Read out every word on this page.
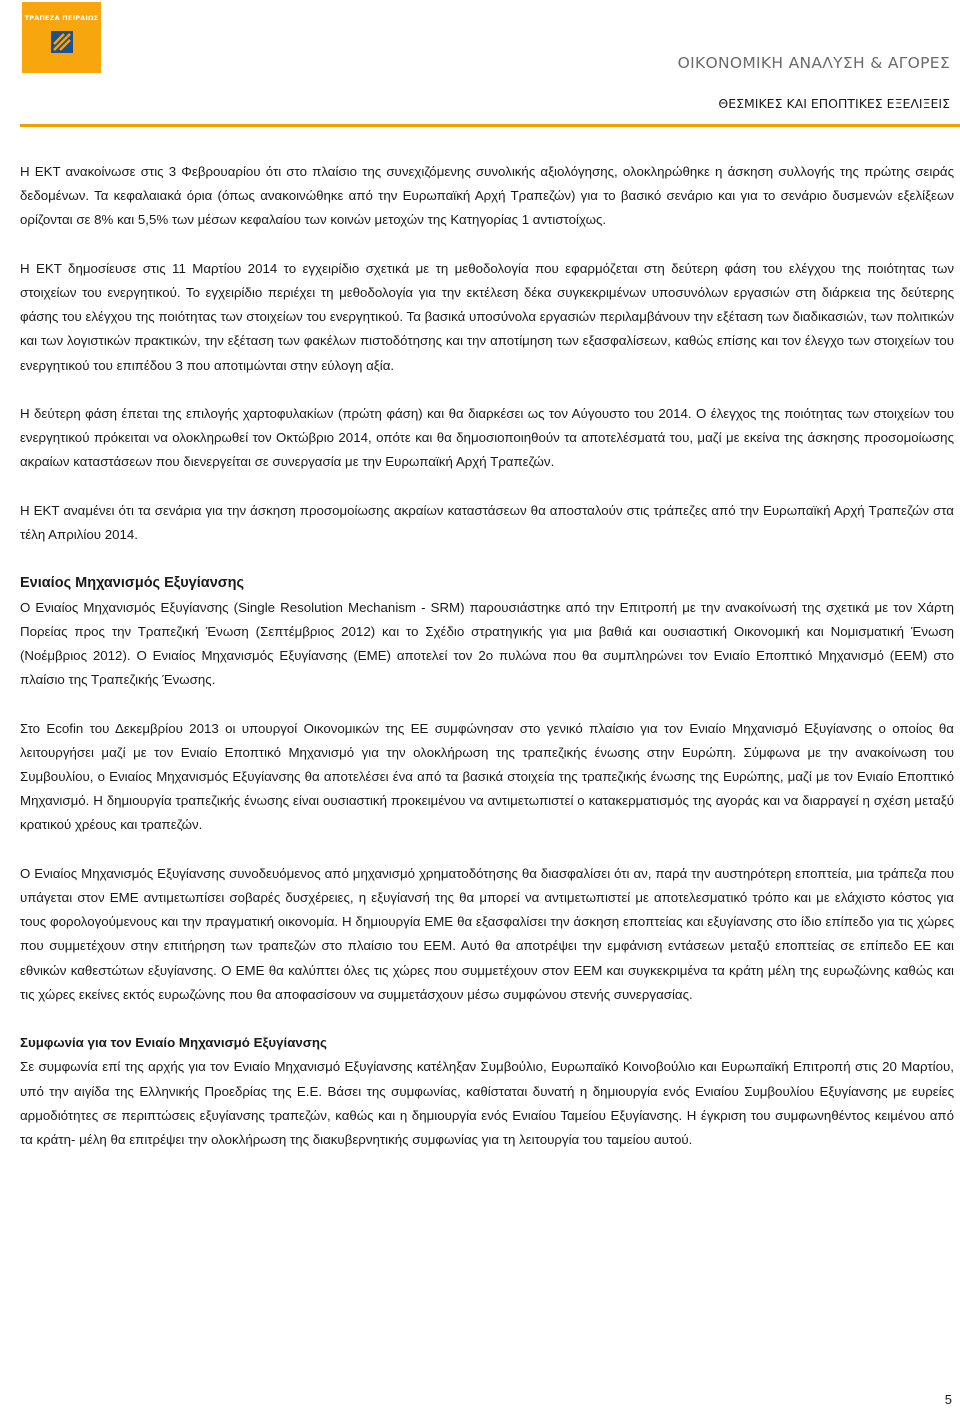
ΤΡΑΠΕΖΑ ΠΕΙΡΑΙΩΣ
ΟΙΚΟΝΟΜΙΚΗ ΑΝΑΛΥΣΗ & ΑΓΟΡΕΣ
ΘΕΣΜΙΚΕΣ ΚΑΙ ΕΠΟΠΤΙΚΕΣ ΕΞΕΛΙΞΕΙΣ

Η ΕΚΤ ανακοίνωσε στις 3 Φεβρουαρίου ότι στο πλαίσιο της συνεχιζόμενης συνολικής αξιολόγησης, ολοκληρώθηκε η άσκηση συλλογής της πρώτης σειράς δεδομένων. Τα κεφαλαιακά όρια (όπως ανακοινώθηκε από την Ευρωπαϊκή Αρχή Τραπεζών) για το βασικό σενάριο και για το σενάριο δυσμενών εξελίξεων ορίζονται σε 8% και 5,5% των μέσων κεφαλαίου των κοινών μετοχών της Κατηγορίας 1 αντιστοίχως.

Η ΕΚΤ δημοσίευσε στις 11 Μαρτίου 2014 το εγχειρίδιο σχετικά με τη μεθοδολογία που εφαρμόζεται στη δεύτερη φάση του ελέγχου της ποιότητας των στοιχείων του ενεργητικού. Το εγχειρίδιο περιέχει τη μεθοδολογία για την εκτέλεση δέκα συγκεκριμένων υποσυνόλων εργασιών στη διάρκεια της δεύτερης φάσης του ελέγχου της ποιότητας των στοιχείων του ενεργητικού. Τα βασικά υποσύνολα εργασιών περιλαμβάνουν την εξέταση των διαδικασιών, των πολιτικών και των λογιστικών πρακτικών, την εξέταση των φακέλων πιστοδότησης και την αποτίμηση των εξασφαλίσεων, καθώς επίσης και τον έλεγχο των στοιχείων του ενεργητικού του επιπέδου 3 που αποτιμώνται στην εύλογη αξία.

Η δεύτερη φάση έπεται της επιλογής χαρτοφυλακίων (πρώτη φάση) και θα διαρκέσει ως τον Αύγουστο του 2014. Ο έλεγχος της ποιότητας των στοιχείων του ενεργητικού πρόκειται να ολοκληρωθεί τον Οκτώβριο 2014, οπότε και θα δημοσιοποιηθούν τα αποτελέσματά του, μαζί με εκείνα της άσκησης προσομοίωσης ακραίων καταστάσεων που διενεργείται σε συνεργασία με την Ευρωπαϊκή Αρχή Τραπεζών.

Η ΕΚΤ αναμένει ότι τα σενάρια για την άσκηση προσομοίωσης ακραίων καταστάσεων θα αποσταλούν στις τράπεζες από την Ευρωπαϊκή Αρχή Τραπεζών στα τέλη Απριλίου 2014.

Ενιαίος Μηχανισμός Εξυγίανσης

Ο Ενιαίος Μηχανισμός Εξυγίανσης (Single Resolution Mechanism - SRM) παρουσιάστηκε από την Επιτροπή με την ανακοίνωσή της σχετικά με τον Χάρτη Πορείας προς την Τραπεζική Ένωση (Σεπτέμβριος 2012) και το Σχέδιο στρατηγικής για μια βαθιά και ουσιαστική Οικονομική και Νομισματική Ένωση (Νοέμβριος 2012). Ο Ενιαίος Μηχανισμός Εξυγίανσης (ΕΜΕ) αποτελεί τον 2ο πυλώνα που θα συμπληρώνει τον Ενιαίο Εποπτικό Μηχανισμό (ΕΕΜ) στο πλαίσιο της Τραπεζικής Ένωσης.

Στο Ecofin του Δεκεμβρίου 2013 οι υπουργοί Οικονομικών της ΕΕ συμφώνησαν στο γενικό πλαίσιο για τον Ενιαίο Μηχανισμό Εξυγίανσης ο οποίος θα λειτουργήσει μαζί με τον Ενιαίο Εποπτικό Μηχανισμό για την ολοκλήρωση της τραπεζικής ένωσης στην Ευρώπη. Σύμφωνα με την ανακοίνωση του Συμβουλίου, ο Ενιαίος Μηχανισμός Εξυγίανσης θα αποτελέσει ένα από τα βασικά στοιχεία της τραπεζικής ένωσης της Ευρώπης, μαζί με τον Ενιαίο Εποπτικό Μηχανισμό. Η δημιουργία τραπεζικής ένωσης είναι ουσιαστική προκειμένου να αντιμετωπιστεί ο κατακερματισμός της αγοράς και να διαρραγεί η σχέση μεταξύ κρατικού χρέους και τραπεζών.

Ο Ενιαίος Μηχανισμός Εξυγίανσης συνοδευόμενος από μηχανισμό χρηματοδότησης θα διασφαλίσει ότι αν, παρά την αυστηρότερη εποπτεία, μια τράπεζα που υπάγεται στον ΕΜΕ αντιμετωπίσει σοβαρές δυσχέρειες, η εξυγίανσή της θα μπορεί να αντιμετωπιστεί με αποτελεσματικό τρόπο και με ελάχιστο κόστος για τους φορολογούμενους και την πραγματική οικονομία. Η δημιουργία ΕΜΕ θα εξασφαλίσει την άσκηση εποπτείας και εξυγίανσης στο ίδιο επίπεδο για τις χώρες που συμμετέχουν στην επιτήρηση των τραπεζών στο πλαίσιο του ΕΕΜ. Αυτό θα αποτρέψει την εμφάνιση εντάσεων μεταξύ εποπτείας σε επίπεδο ΕΕ και εθνικών καθεστώτων εξυγίανσης. Ο ΕΜΕ θα καλύπτει όλες τις χώρες που συμμετέχουν στον ΕΕΜ και συγκεκριμένα τα κράτη μέλη της ευρωζώνης καθώς και τις χώρες εκείνες εκτός ευρωζώνης που θα αποφασίσουν να συμμετάσχουν μέσω συμφώνου στενής συνεργασίας.

Συμφωνία για τον Ενιαίο Μηχανισμό Εξυγίανσης

Σε συμφωνία επί της αρχής για τον Ενιαίο Μηχανισμό Εξυγίανσης κατέληξαν Συμβούλιο, Ευρωπαϊκό Κοινοβούλιο και Ευρωπαϊκή Επιτροπή στις 20 Μαρτίου, υπό την αιγίδα της Ελληνικής Προεδρίας της Ε.Ε. Βάσει της συμφωνίας, καθίσταται δυνατή η δημιουργία ενός Ενιαίου Συμβουλίου Εξυγίανσης με ευρείες αρμοδιότητες σε περιπτώσεις εξυγίανσης τραπεζών, καθώς και η δημιουργία ενός Ενιαίου Ταμείου Εξυγίανσης. Η έγκριση του συμφωνηθέντος κειμένου από τα κράτη- μέλη θα επιτρέψει την ολοκλήρωση της διακυβερνητικής συμφωνίας για τη λειτουργία του ταμείου αυτού.

5
